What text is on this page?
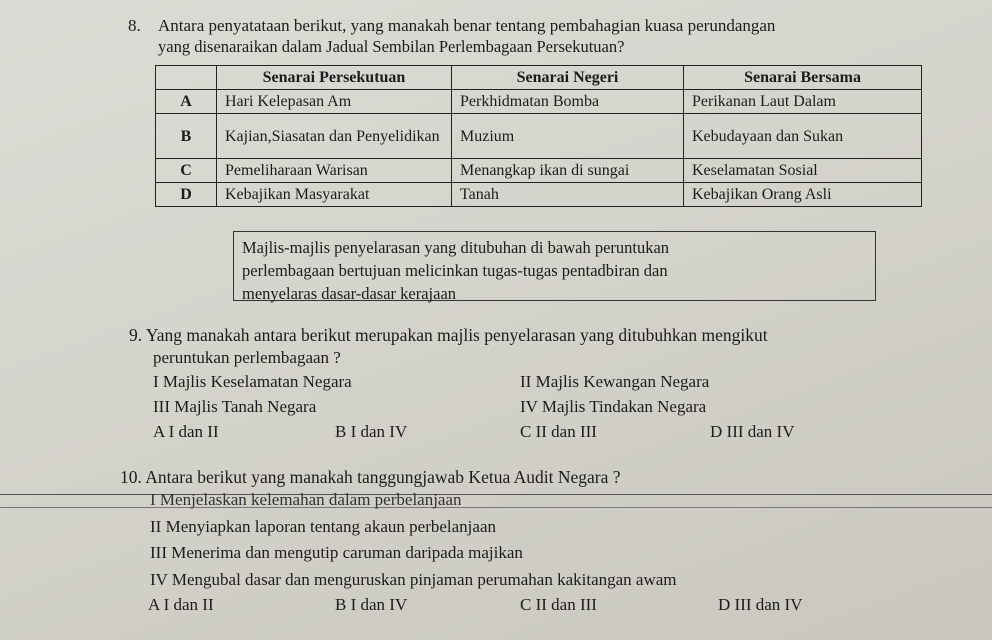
8. Antara penyatataan berikut, yang manakah benar tentang pembahagian kuasa perundangan
yang disenaraikan dalam Jadual Sembilan Perlembagaan Persekutuan?
	Senarai Persekutuan	Senarai Negeri	Senarai Bersama
A	Hari Kelepasan Am	Perkhidmatan Bomba	Perikanan Laut Dalam
B	Kajian,Siasatan dan Penyelidikan	Muzium	Kebudayaan dan Sukan
C	Pemeliharaan Warisan	Menangkap ikan di sungai	Keselamatan Sosial
D	Kebajikan Masyarakat	Tanah	Kebajikan Orang Asli
Majlis-majlis penyelarasan yang ditubuhan di bawah peruntukan
perlembagaan bertujuan melicinkan tugas-tugas pentadbiran dan
menyelaras dasar-dasar kerajaan
9. Yang manakah antara berikut merupakan majlis penyelarasan yang ditubuhkan mengikut
peruntukan perlembagaan ?
I Majlis Keselamatan Negara	II Majlis Kewangan Negara
III Majlis Tanah Negara	IV Majlis Tindakan Negara
A I dan II	B I dan IV	C II dan III	D III dan IV
10. Antara berikut yang manakah tanggungjawab Ketua Audit Negara ?
I Menjelaskan kelemahan dalam perbelanjaan
II Menyiapkan laporan tentang akaun perbelanjaan
III Menerima dan mengutip caruman daripada majikan
IV Mengubal dasar dan menguruskan pinjaman perumahan kakitangan awam
A I dan II	B I dan IV	C II dan III	D III dan IV
